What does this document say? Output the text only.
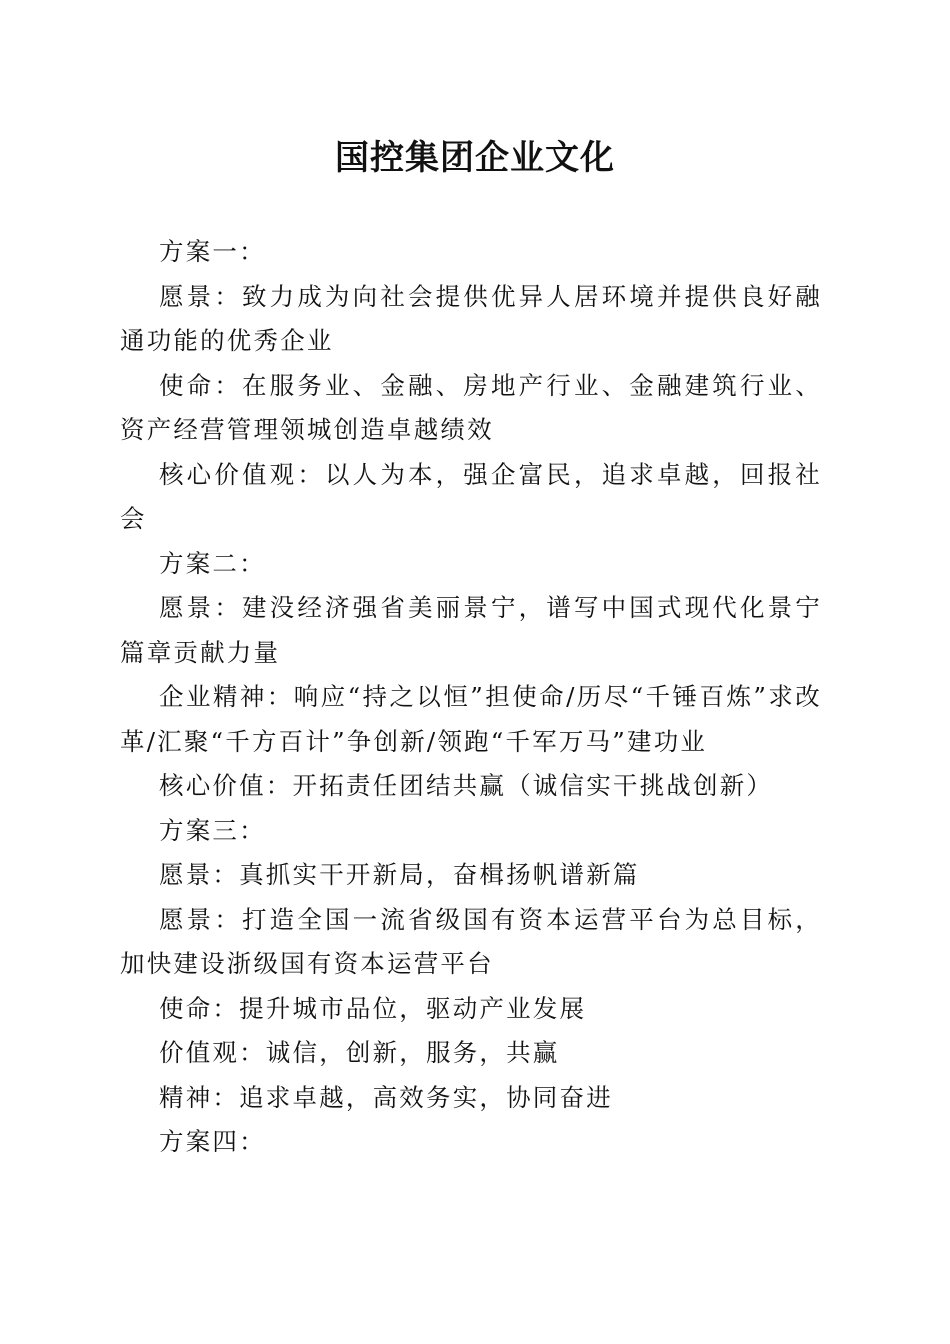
国控集团企业文化

方案一：

愿景：致力成为向社会提供优异人居环境并提供良好融通功能的优秀企业

使命：在服务业、金融、房地产行业、金融建筑行业、资产经营管理领城创造卓越绩效

核心价值观：以人为本，强企富民，追求卓越，回报社会

方案二：

愿景：建没经济强省美丽景宁，谱写中国式现代化景宁篇章贡献力量

企业精神：响应“持之以恒”担使命/历尽“千锤百炼”求改革/汇聚“千方百计”争创新/领跑“千军万马”建功业

核心价值：开拓责任团结共赢（诚信实干挑战创新）

方案三：

愿景：真抓实干开新局，奋楫扬帆谱新篇

愿景：打造全国一流省级国有资本运营平台为总目标，加快建设浙级国有资本运营平台

使命：提升城市品位，驱动产业发展

价值观：诚信，创新，服务，共赢

精神：追求卓越，高效务实，协同奋进

方案四：
